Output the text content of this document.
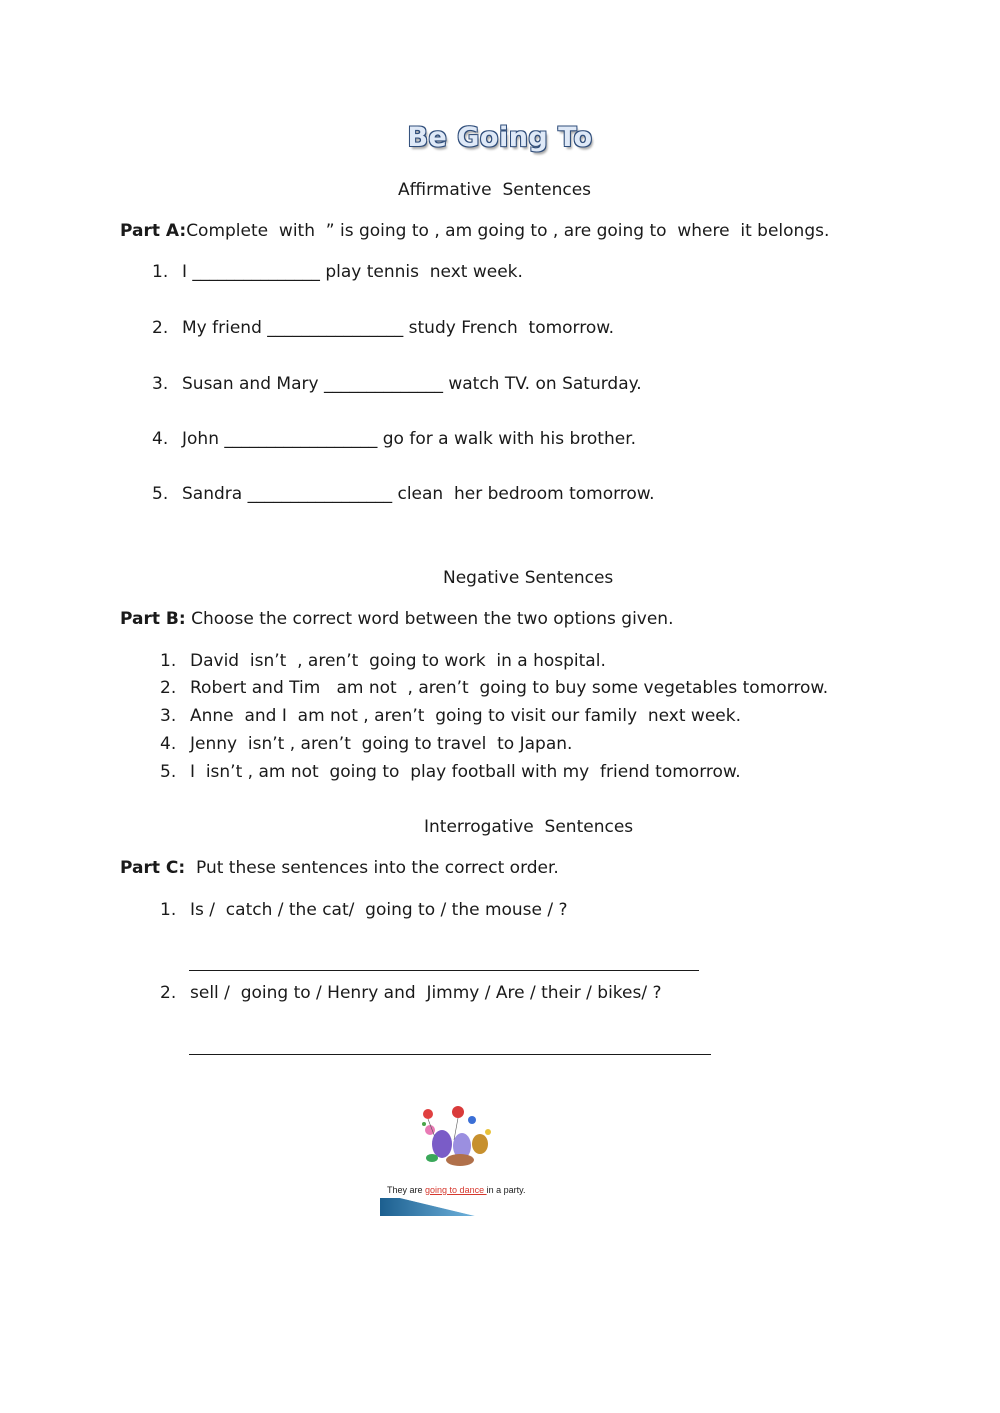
Be Going To
Affirmative  Sentences
Part A:Complete  with  ” is going to , am going to , are going to  where  it belongs.
1. I _______________ play tennis  next week.
2. My friend ________________ study French  tomorrow.
3. Susan and Mary ______________ watch TV. on Saturday.
4. John __________________ go for a walk with his brother.
5. Sandra _________________ clean  her bedroom tomorrow.
Negative Sentences
Part B: Choose the correct word between the two options given.
1. David  isn’t  , aren’t  going to work  in a hospital.
2. Robert and Tim   am not  , aren’t  going to buy some vegetables tomorrow.
3. Anne  and I  am not , aren’t  going to visit our family  next week.
4. Jenny  isn’t , aren’t  going to travel  to Japan.
5. I  isn’t , am not  going to  play football with my  friend tomorrow.
Interrogative  Sentences
Part C:  Put these sentences into the correct order.
1. Is /  catch / the cat/  going to / the mouse / ?
2. sell /  going to / Henry and  Jimmy / Are / their / bikes/ ?
They are going to dance in a party.
